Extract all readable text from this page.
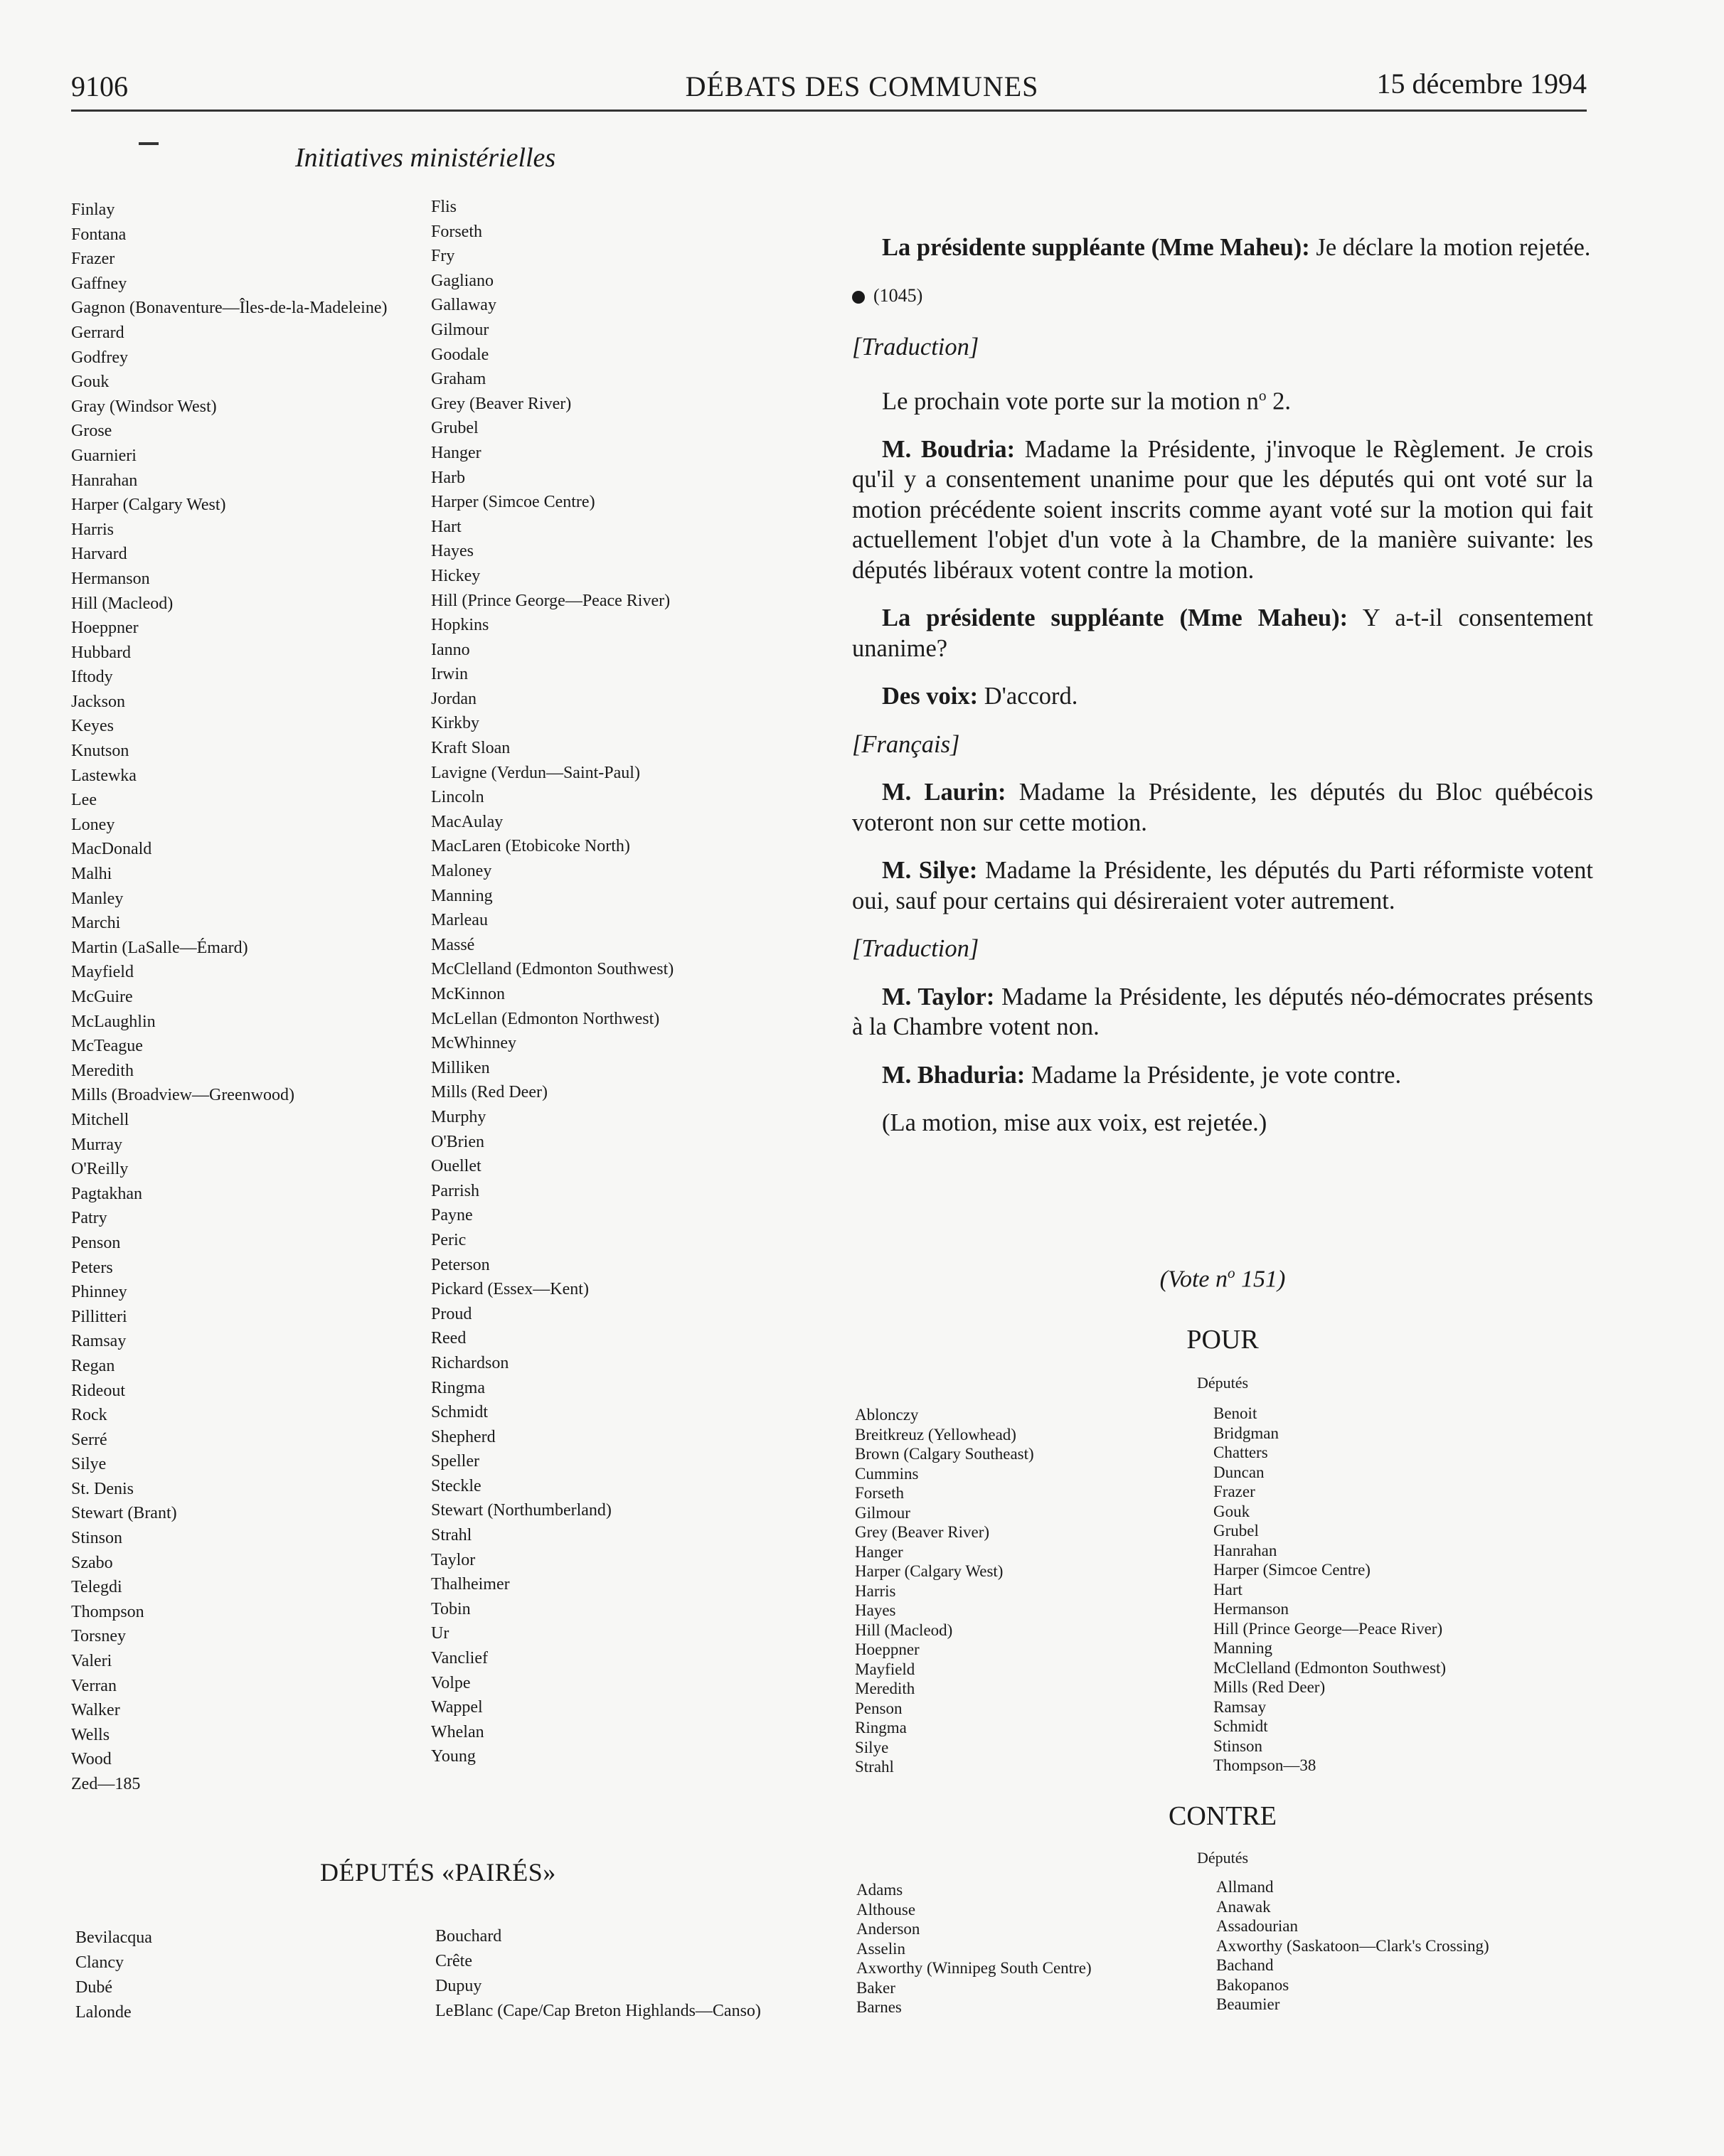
9106	DÉBATS DES COMMUNES	15 décembre 1994
Initiatives ministérielles
Finlay
Fontana
Frazer
Gaffney
Gagnon (Bonaventure—Îles-de-la-Madeleine)
Gerrard
Godfrey
Gouk
Gray (Windsor West)
Grose
Guarnieri
Hanrahan
Harper (Calgary West)
Harris
Harvard
Hermanson
Hill (Macleod)
Hoeppner
Hubbard
Iftody
Jackson
Keyes
Knutson
Lastewka
Lee
Loney
MacDonald
Malhi
Manley
Marchi
Martin (LaSalle—Émard)
Mayfield
McGuire
McLaughlin
McTeague
Meredith
Mills (Broadview—Greenwood)
Mitchell
Murray
O'Reilly
Pagtakhan
Patry
Penson
Peters
Phinney
Pillitteri
Ramsay
Regan
Rideout
Rock
Serré
Silye
St. Denis
Stewart (Brant)
Stinson
Szabo
Telegdi
Thompson
Torsney
Valeri
Verran
Walker
Wells
Wood
Zed—185
Flis
Forseth
Fry
Gagliano
Gallaway
Gilmour
Goodale
Graham
Grey (Beaver River)
Grubel
Hanger
Harb
Harper (Simcoe Centre)
Hart
Hayes
Hickey
Hill (Prince George—Peace River)
Hopkins
Ianno
Irwin
Jordan
Kirkby
Kraft Sloan
Lavigne (Verdun—Saint-Paul)
Lincoln
MacAulay
MacLaren (Etobicoke North)
Maloney
Manning
Marleau
Massé
McClelland (Edmonton Southwest)
McKinnon
McLellan (Edmonton Northwest)
McWhinney
Milliken
Mills (Red Deer)
Murphy
O'Brien
Ouellet
Parrish
Payne
Peric
Peterson
Pickard (Essex—Kent)
Proud
Reed
Richardson
Ringma
Schmidt
Shepherd
Speller
Steckle
Stewart (Northumberland)
Strahl
Taylor
Thalheimer
Tobin
Ur
Vanclief
Volpe
Wappel
Whelan
Young
DÉPUTÉS «PAIRÉS»
Bevilacqua
Clancy
Dubé
Lalonde
Bouchard
Crête
Dupuy
LeBlanc (Cape/Cap Breton Highlands—Canso)

La présidente suppléante (Mme Maheu): Je déclare la motion rejetée.

(1045)

[Traduction]

Le prochain vote porte sur la motion $n^o$ 2.

M. Boudria: Madame la Présidente, j'invoque le Règlement. Je crois qu'il y a consentement unanime pour que les députés qui ont voté sur la motion précédente soient inscrits comme ayant voté sur la motion qui fait actuellement l'objet d'un vote à la Chambre, de la manière suivante: les députés libéraux votent contre la motion.

La présidente suppléante (Mme Maheu): Y a-t-il consentement unanime?

Des voix: D'accord.

[Français]

M. Laurin: Madame la Présidente, les députés du Bloc québécois voteront non sur cette motion.

M. Silye: Madame la Présidente, les députés du Parti réformiste votent oui, sauf pour certains qui désireraient voter autrement.

[Traduction]

M. Taylor: Madame la Présidente, les députés néo-démocrates présents à la Chambre votent non.

M. Bhaduria: Madame la Présidente, je vote contre.

(La motion, mise aux voix, est rejetée.)

(Vote $n^o$ 151)
POUR
Députés
Ablonczy
Breitkreuz (Yellowhead)
Brown (Calgary Southeast)
Cummins
Forseth
Gilmour
Grey (Beaver River)
Hanger
Harper (Calgary West)
Harris
Hayes
Hill (Macleod)
Hoeppner
Mayfield
Meredith
Penson
Ringma
Silye
Strahl
Benoit
Bridgman
Chatters
Duncan
Frazer
Gouk
Grubel
Hanrahan
Harper (Simcoe Centre)
Hart
Hermanson
Hill (Prince George—Peace River)
Manning
McClelland (Edmonton Southwest)
Mills (Red Deer)
Ramsay
Schmidt
Stinson
Thompson—38
CONTRE
Députés
Adams
Althouse
Anderson
Asselin
Axworthy (Winnipeg South Centre)
Baker
Barnes
Allmand
Anawak
Assadourian
Axworthy (Saskatoon—Clark's Crossing)
Bachand
Bakopanos
Beaumier
